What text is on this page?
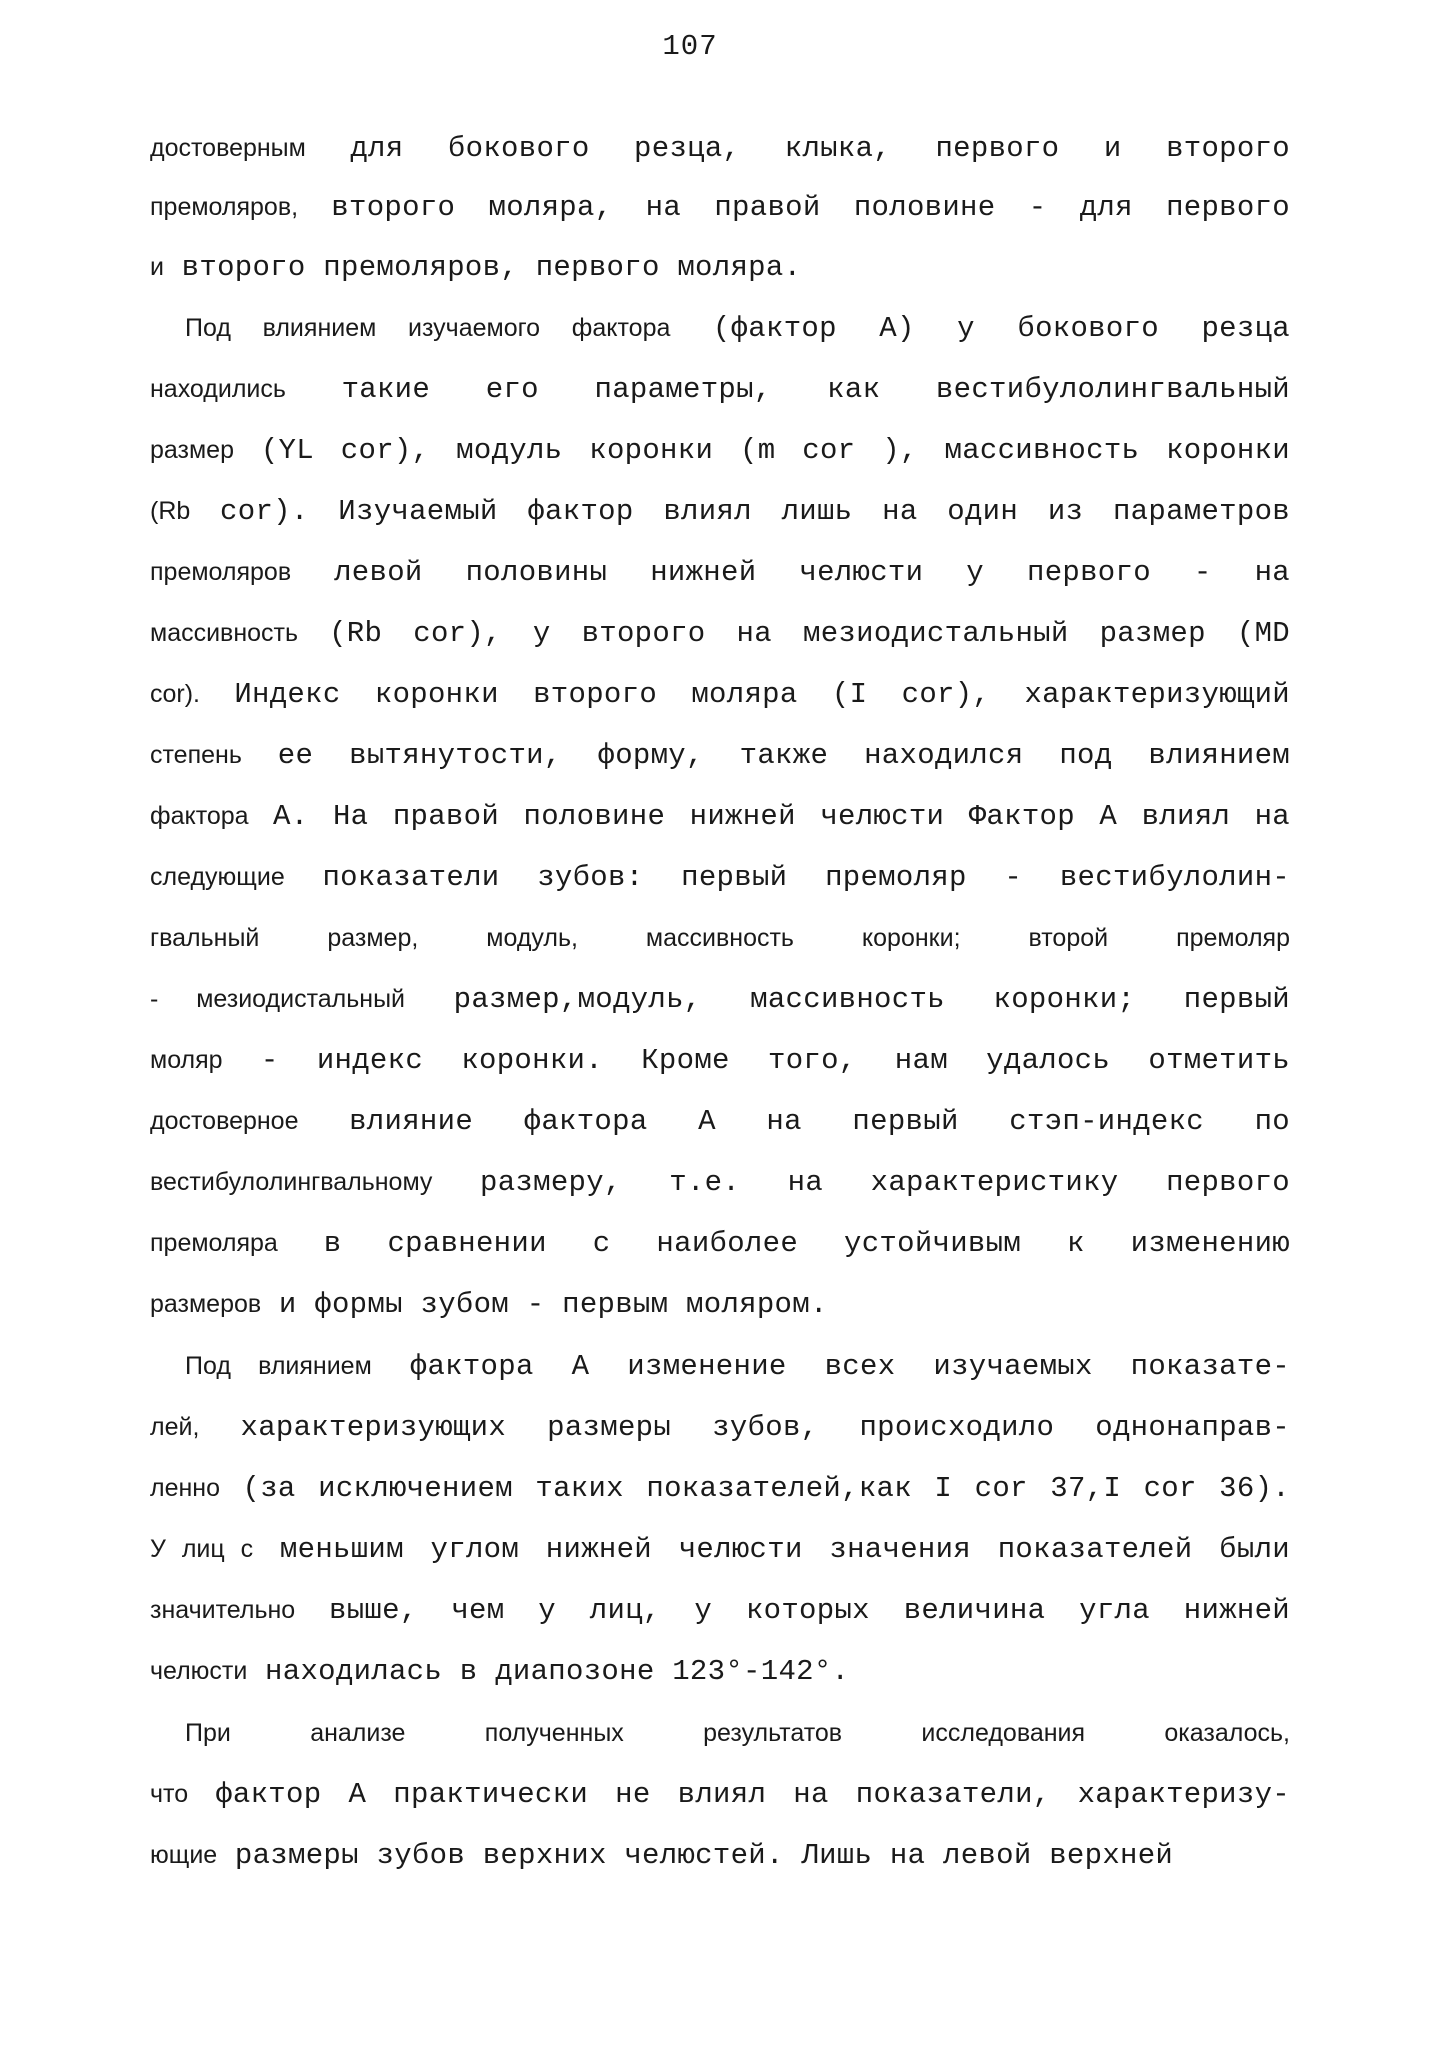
107
достоверным для бокового резца, клыка, первого и второго
премоляров, второго моляра, на правой половине - для первого
и второго премоляров, первого моляра.
Под влиянием изучаемого фактора (фактор А) у бокового резца
находились такие его параметры, как вестибулолингвальный
размер (YL cor), модуль коронки (m cor ), массивность коронки
(Rb cor). Изучаемый фактор влиял лишь на один из параметров
премоляров левой половины нижней челюсти у первого - на
массивность (Rb cor), у второго на мезиодистальный размер (MD
cor). Индекс коронки второго моляра (I cor), характеризующий
степень ее вытянутости, форму, также находился под влиянием
фактора А. На правой половине нижней челюсти Фактор А влиял на
следующие показатели зубов: первый премоляр - вестибулолин-
гвальный размер, модуль, массивность коронки; второй премоляр
- мезиодистальный размер,модуль, массивность коронки; первый
моляр - индекс коронки. Кроме того, нам удалось отметить
достоверное влияние фактора А на первый стэп-индекс по
вестибулолингвальному размеру, т.е. на характеристику первого
премоляра в сравнении с наиболее устойчивым к изменению
размеров и формы зубом - первым моляром.
Под влиянием фактора А изменение всех изучаемых показате-
лей, характеризующих размеры зубов, происходило однонаправ-
ленно (за исключением таких показателей,как I cor 37,I cor 36).
У лиц с меньшим углом нижней челюсти значения показателей были
значительно выше, чем у лиц, у которых величина угла нижней
челюсти находилась в диапозоне 123°-142°.
При анализе полученных результатов исследования оказалось,
что фактор А практически не влиял на показатели, характеризу-
ющие размеры зубов верхних челюстей. Лишь на левой верхней
